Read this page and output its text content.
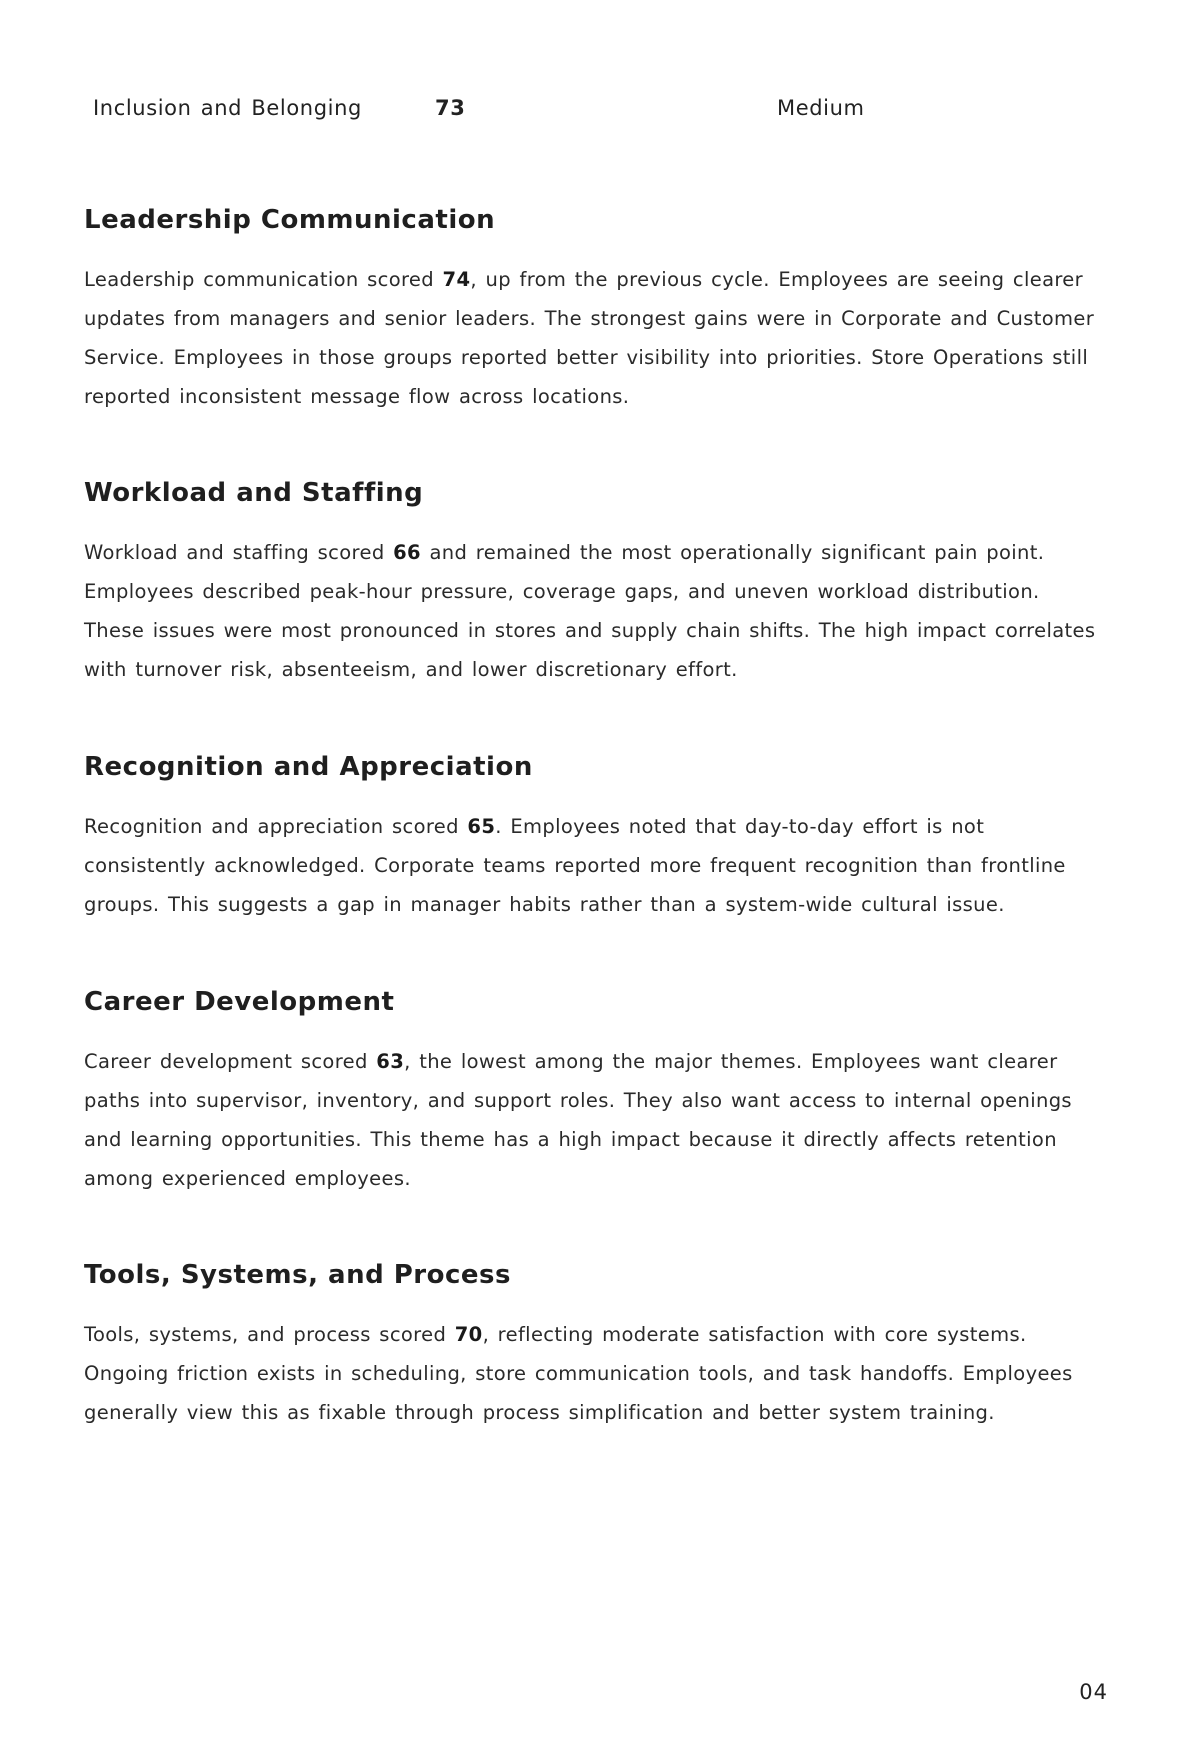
Inclusion and Belonging	73	Medium
Leadership Communication

Leadership communication scored 74, up from the previous cycle. Employees are seeing clearer updates from managers and senior leaders. The strongest gains were in Corporate and Customer Service. Employees in those groups reported better visibility into priorities. Store Operations still reported inconsistent message flow across locations.

Workload and Staffing

Workload and staffing scored 66 and remained the most operationally significant pain point. Employees described peak-hour pressure, coverage gaps, and uneven workload distribution. These issues were most pronounced in stores and supply chain shifts. The high impact correlates with turnover risk, absenteeism, and lower discretionary effort.

Recognition and Appreciation

Recognition and appreciation scored 65. Employees noted that day-to-day effort is not consistently acknowledged. Corporate teams reported more frequent recognition than frontline groups. This suggests a gap in manager habits rather than a system-wide cultural issue.

Career Development

Career development scored 63, the lowest among the major themes. Employees want clearer paths into supervisor, inventory, and support roles. They also want access to internal openings and learning opportunities. This theme has a high impact because it directly affects retention among experienced employees.

Tools, Systems, and Process

Tools, systems, and process scored 70, reflecting moderate satisfaction with core systems. Ongoing friction exists in scheduling, store communication tools, and task handoffs. Employees generally view this as fixable through process simplification and better system training.

04
